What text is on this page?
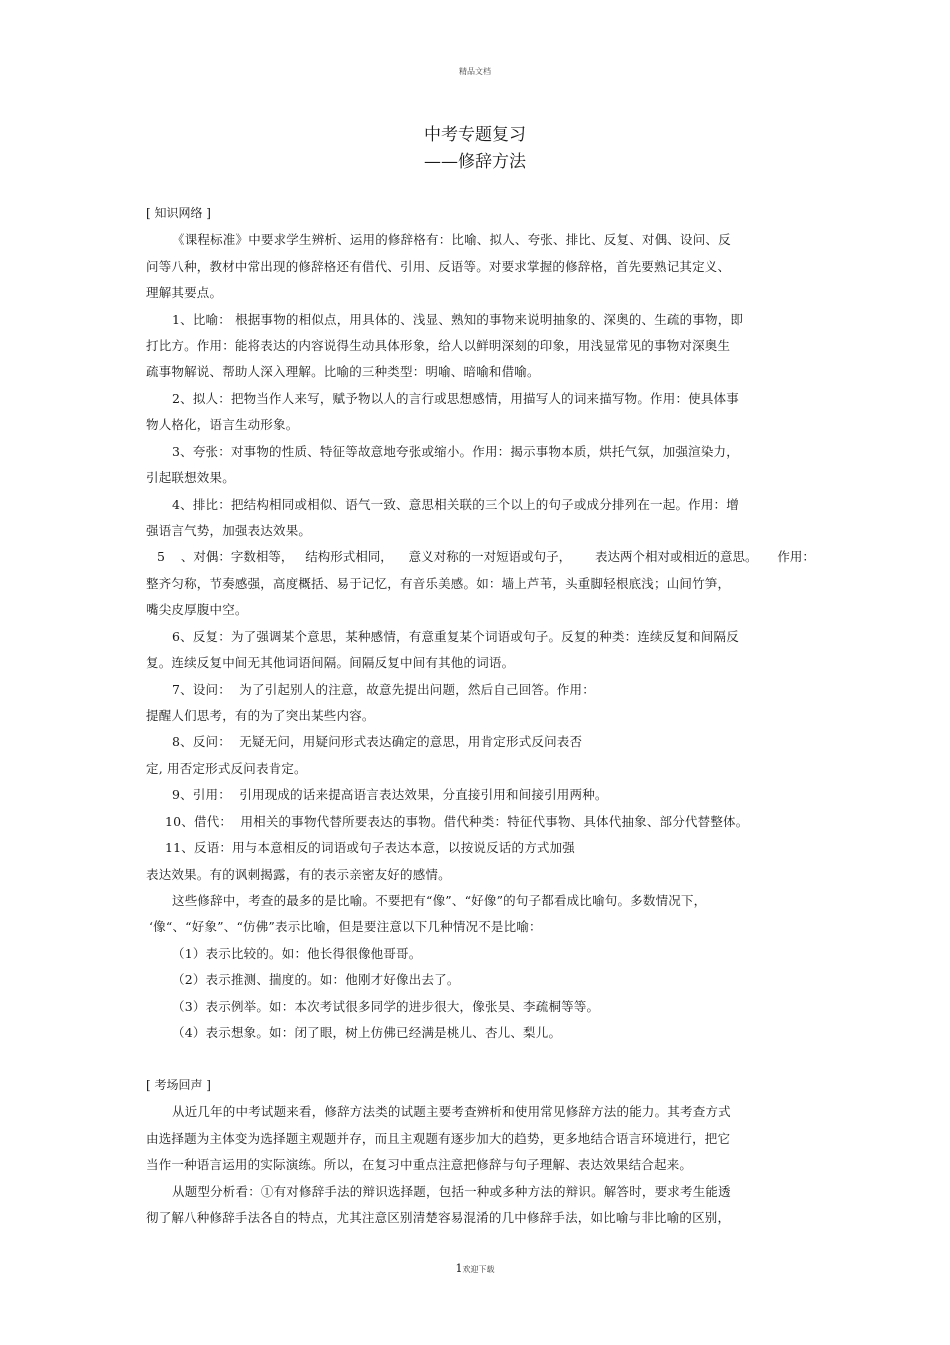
精品文档
中考专题复习
——修辞方法
[ 知识网络 ]
《课程标准》中要求学生辨析、运用的修辞格有：比喻、拟人、夸张、排比、反复、对偶、设问、反
问等八种，教材中常出现的修辞格还有借代、引用、反语等。对要求掌握的修辞格，首先要熟记其定义、
理解其要点。
1、比喻： 根据事物的相似点，用具体的、浅显、熟知的事物来说明抽象的、深奥的、生疏的事物，即
打比方。作用：能将表达的内容说得生动具体形象，给人以鲜明深刻的印象，用浅显常见的事物对深奥生
疏事物解说、帮助人深入理解。比喻的三种类型：明喻、暗喻和借喻。
2、拟人：把物当作人来写，赋予物以人的言行或思想感情，用描写人的词来描写物。作用：使具体事
物人格化，语言生动形象。
3、夸张：对事物的性质、特征等故意地夸张或缩小。作用：揭示事物本质，烘托气氛，加强渲染力，
引起联想效果。
4、排比：把结构相同或相似、语气一致、意思相关联的三个以上的句子或成分排列在一起。作用：增
强语言气势，加强表达效果。
5    、对偶：字数相等，   结构形式相同，    意义对称的一对短语或句子，      表达两个相对或相近的意思。     作用：
整齐匀称，节奏感强，高度概括、易于记忆，有音乐美感。如：墙上芦苇，头重脚轻根底浅；山间竹笋，
嘴尖皮厚腹中空。
6、反复：为了强调某个意思，某种感情，有意重复某个词语或句子。反复的种类：连续反复和间隔反
复。连续反复中间无其他词语间隔。间隔反复中间有其他的词语。
7、设问：  为了引起别人的注意，故意先提出问题，然后自己回答。作用：
提醒人们思考，有的为了突出某些内容。
8、反问：  无疑无问，用疑问形式表达确定的意思，用肯定形式反问表否
定, 用否定形式反问表肯定。
9、引用：  引用现成的话来提高语言表达效果，分直接引用和间接引用两种。
10、借代：  用相关的事物代替所要表达的事物。借代种类：特征代事物、具体代抽象、部分代替整体。
11、反语：用与本意相反的词语或句子表达本意，以按说反话的方式加强
表达效果。有的讽刺揭露，有的表示亲密友好的感情。
这些修辞中，考查的最多的是比喻。不要把有“像”、“好像”的句子都看成比喻句。多数情况下，
‘像“、“好象”、“仿佛”表示比喻，但是要注意以下几种情况不是比喻：
（1）表示比较的。如：他长得很像他哥哥。
（2）表示推测、揣度的。如：他刚才好像出去了。
（3）表示例举。如：本次考试很多同学的进步很大，像张昊、李疏桐等等。
（4）表示想象。如：闭了眼，树上仿佛已经满是桃儿、杏儿、梨儿。
[ 考场回声 ]
从近几年的中考试题来看，修辞方法类的试题主要考查辨析和使用常见修辞方法的能力。其考查方式
由选择题为主体变为选择题主观题并存，而且主观题有逐步加大的趋势，更多地结合语言环境进行，把它
当作一种语言运用的实际演练。所以，在复习中重点注意把修辞与句子理解、表达效果结合起来。
从题型分析看：①有对修辞手法的辩识选择题，包括一种或多种方法的辩识。解答时，要求考生能透
彻了解八种修辞手法各自的特点，尤其注意区别清楚容易混淆的几中修辞手法，如比喻与非比喻的区别，
1欢迎下载
